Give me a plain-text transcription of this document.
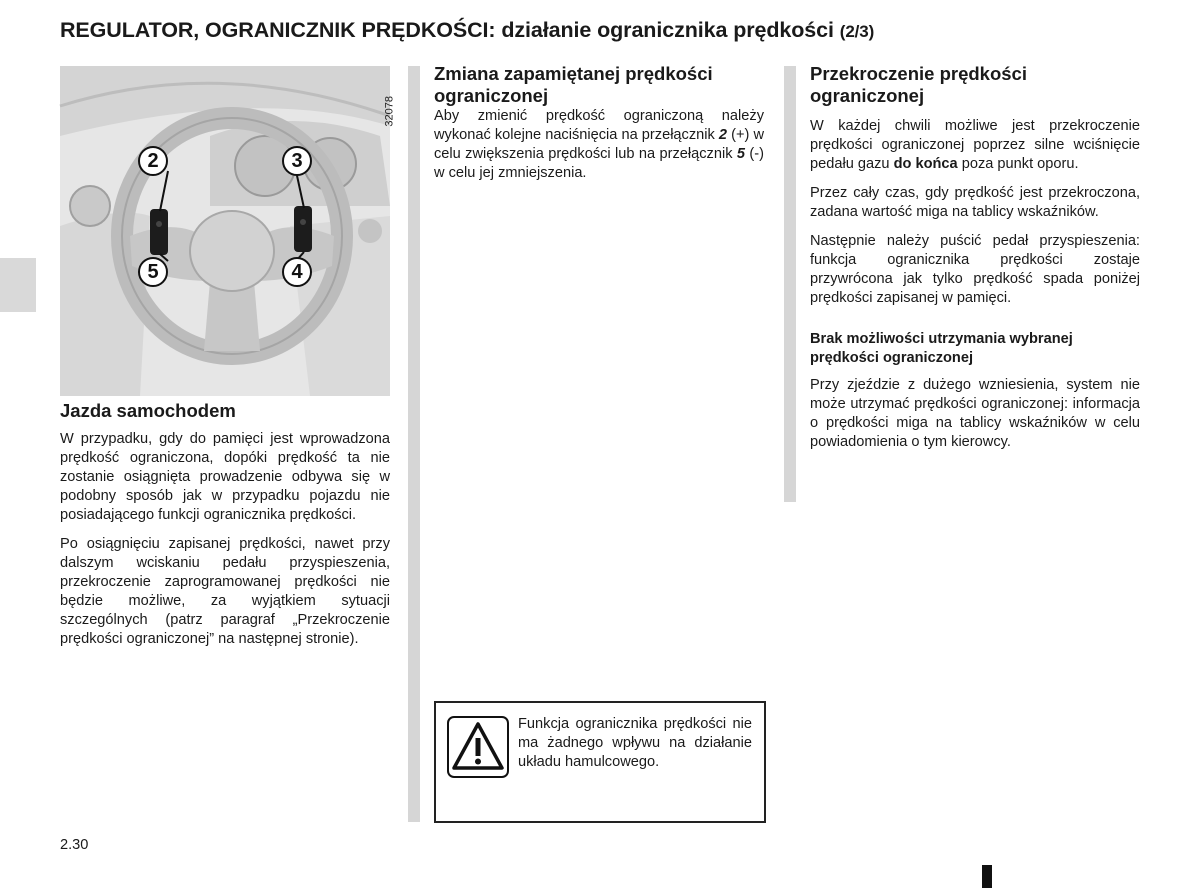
REGULATOR, OGRANICZNIK PRĘDKOŚCI: działanie ogranicznika prędkości (2/3)
32078
2	3
5	4
Jazda samochodem

W przypadku, gdy do pamięci jest wprowadzona prędkość ograniczona, dopóki prędkość ta nie zostanie osiągnięta prowadzenie odbywa się w podobny sposób jak w przypadku pojazdu nie posiadającego funkcji ogranicznika prędkości.

Po osiągnięciu zapisanej prędkości, nawet przy dalszym wciskaniu pedału przyspieszenia, przekroczenie zaprogramowanej prędkości nie będzie możliwe, za wyjątkiem sytuacji szczególnych (patrz paragraf „Przekroczenie prędkości ograniczonej” na następnej stronie).

Zmiana zapamiętanej prędkości ograniczonej

Aby zmienić prędkość ograniczoną należy wykonać kolejne naciśnięcia na przełącznik 2 (+) w celu zwiększenia prędkości lub na przełącznik 5 (-) w celu jej zmniejszenia.

Przekroczenie prędkości ograniczonej

W każdej chwili możliwe jest przekroczenie prędkości ograniczonej poprzez silne wciśnięcie pedału gazu do końca poza punkt oporu.

Przez cały czas, gdy prędkość jest przekroczona, zadana wartość miga na tablicy wskaźników.

Następnie należy puścić pedał przyspieszenia: funkcja ogranicznika prędkości zostaje przywrócona jak tylko prędkość spada poniżej prędkości zapisanej w pamięci.

Brak możliwości utrzymania wybranej prędkości ograniczonej

Przy zjeździe z dużego wzniesienia, system nie może utrzymać prędkości ograniczonej: informacja o prędkości miga na tablicy wskaźników w celu powiadomienia o tym kierowcy.

Funkcja ogranicznika prędkości nie ma żadnego wpływu na działanie układu hamulcowego.
2.30
